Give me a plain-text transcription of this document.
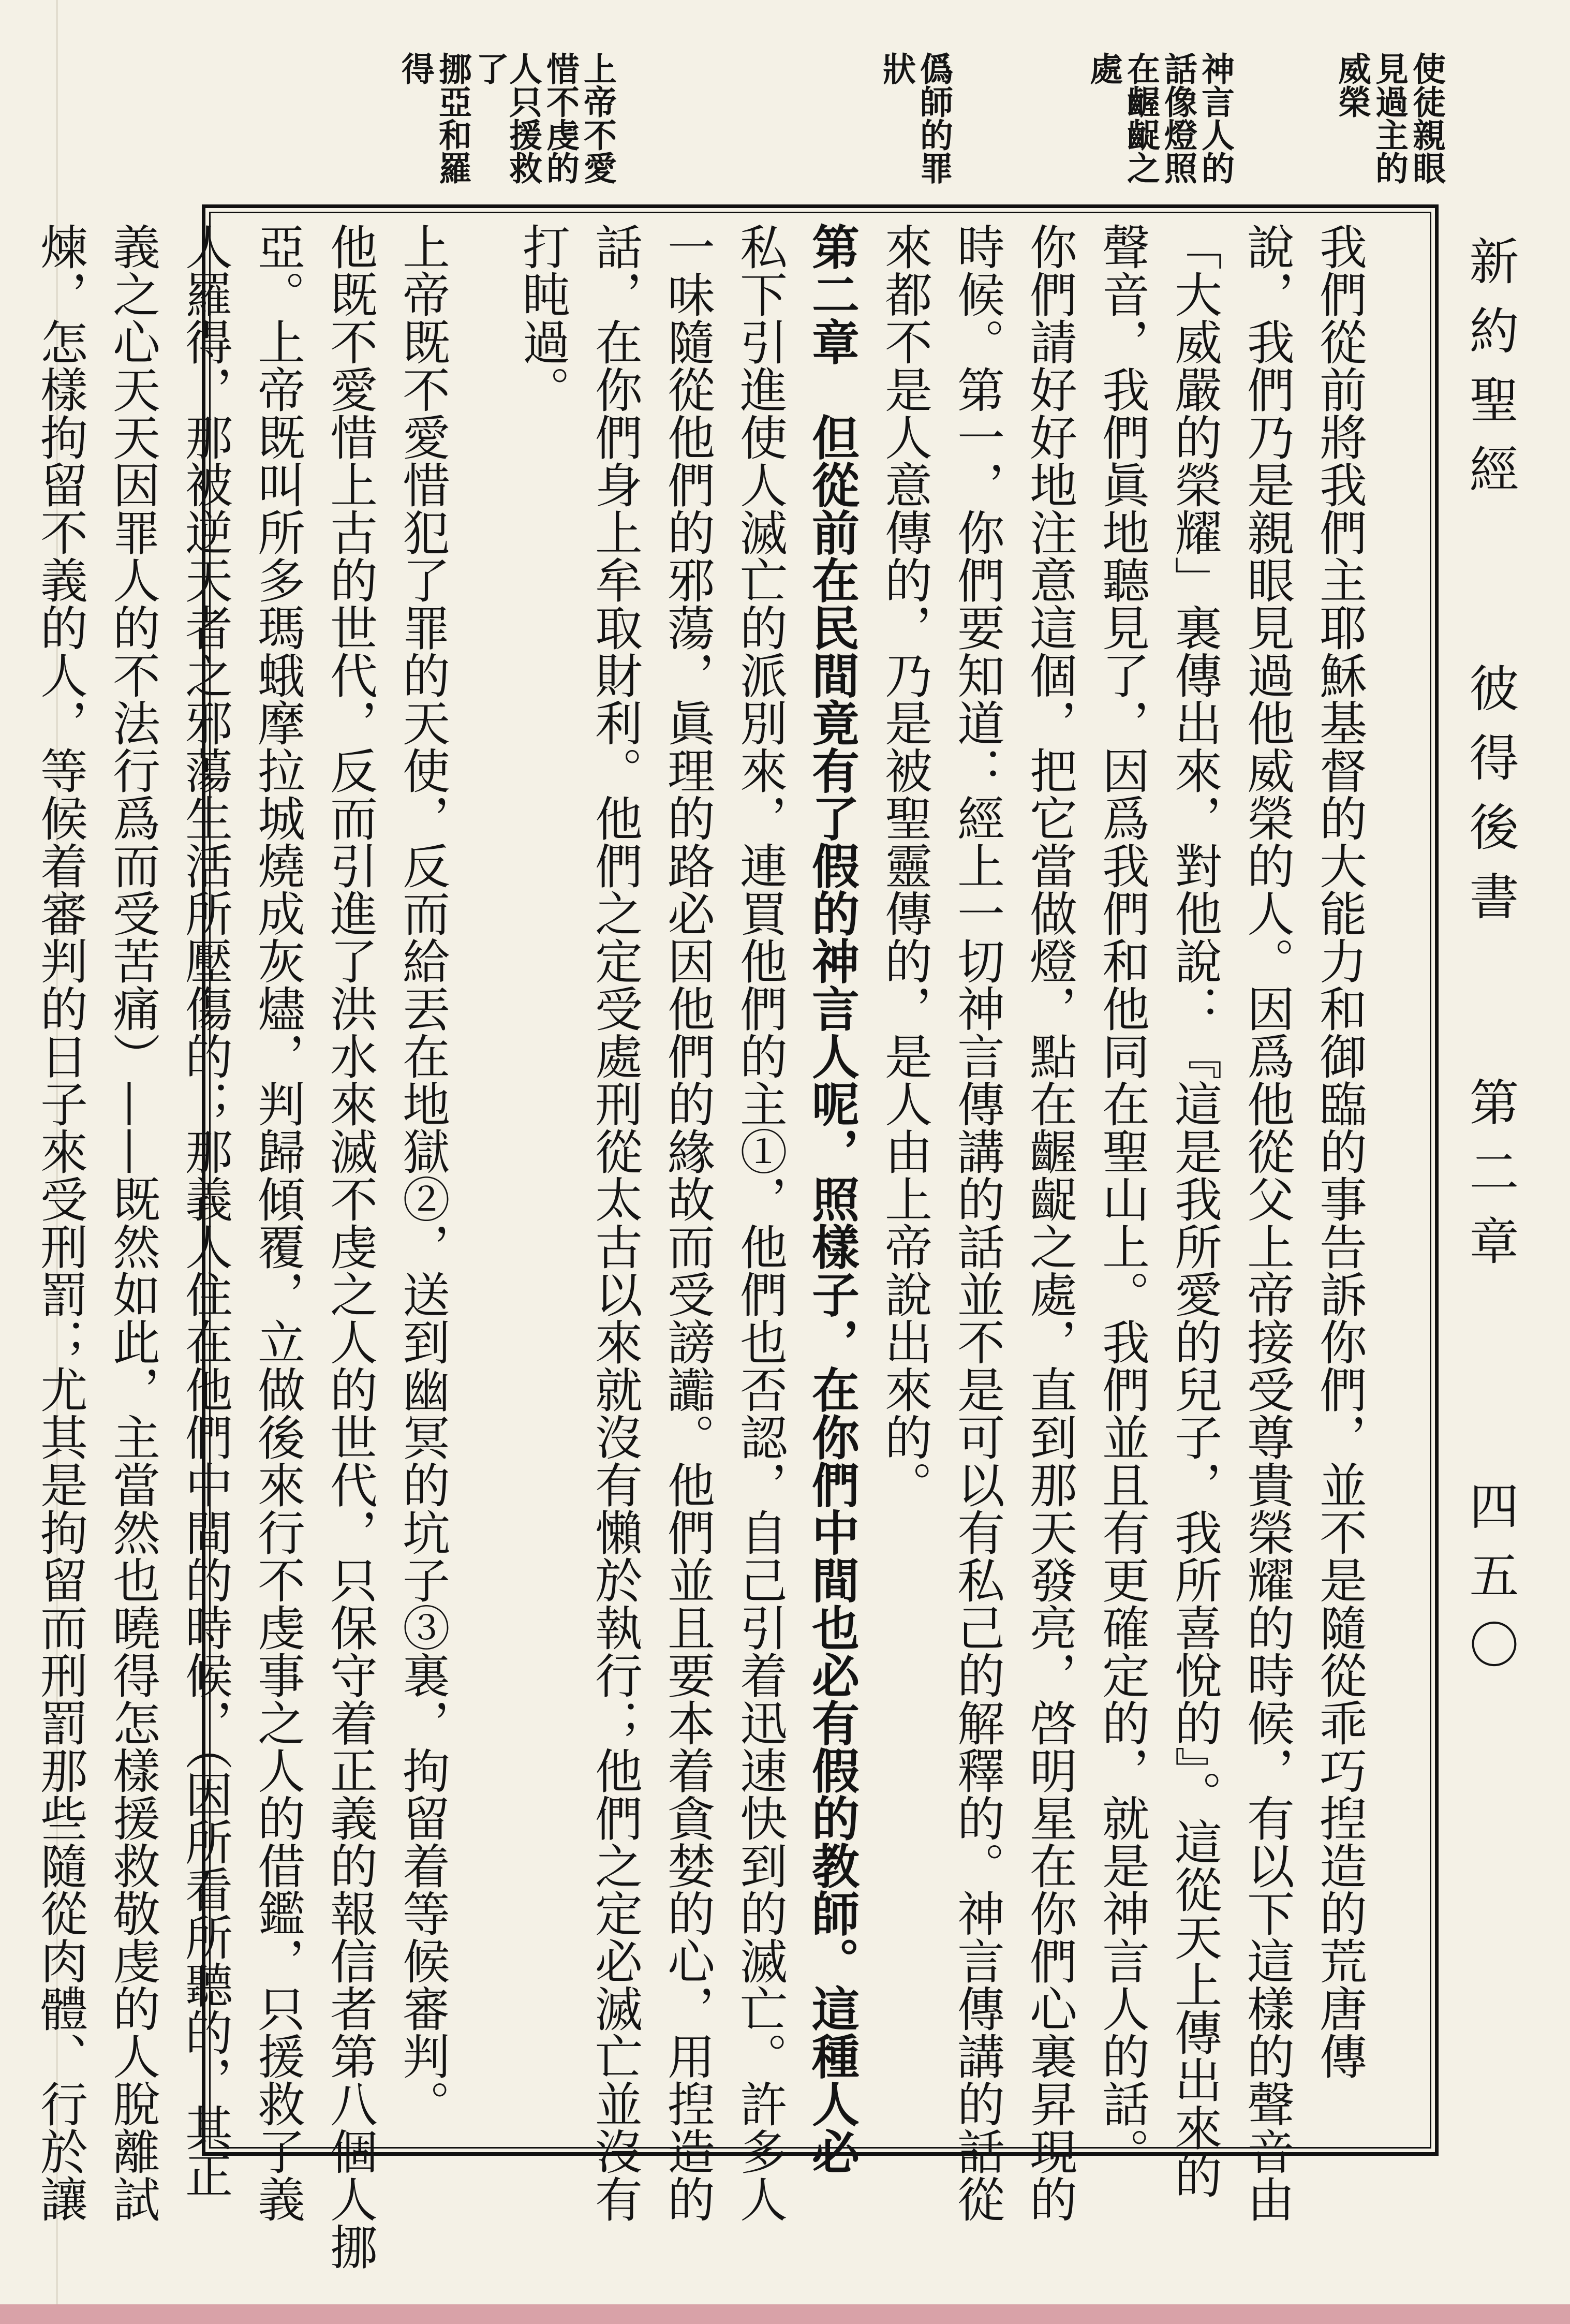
使徒親眼
見過主的
威榮
神言人的
話像燈照
在齷齪之
處
僞師的罪
狀
上帝不愛
惜不虔的
人只援救了
挪亞和羅
得
我們從前將我們主耶穌基督的大能力和御臨的事告訴你們，並不是隨從乖巧揑造的荒唐傳
說，我們乃是親眼見過他威榮的人。因爲他從父上帝接受尊貴榮耀的時候，有以下這樣的聲音由
「大威嚴的榮耀」裏傳出來，對他說：『這是我所愛的兒子，我所喜悅的』。這從天上傳出來的
聲音，我們眞地聽見了，因爲我們和他同在聖山上。我們並且有更確定的，就是神言人的話。
你們請好好地注意這個，把它當做燈，點在齷齪之處，直到那天發亮，啓明星在你們心裏昇現的
時候。第一，你們要知道：經上一切神言傳講的話並不是可以有私己的解釋的。神言傳講的話從
來都不是人意傳的，乃是被聖靈傳的，是人由上帝說出來的。
第二章　但從前在民間竟有了假的神言人呢，照樣子，在你們中間也必有假的教師。這種人必
私下引進使人滅亡的派別來，連買他們的主①，他們也否認，自己引着迅速快到的滅亡。許多人
一味隨從他們的邪蕩，眞理的路必因他們的緣故而受謗讟。他們並且要本着貪婪的心，用揑造的
話，在你們身上牟取財利。他們之定受處刑從太古以來就沒有懶於執行；他們之定必滅亡並沒有
打盹過。
上帝既不愛惜犯了罪的天使，反而給丟在地獄②，送到幽冥的坑子③裏，拘留着等候審判。
他既不愛惜上古的世代，反而引進了洪水來滅不虔之人的世代，只保守着正義的報信者第八個人挪
亞。上帝既叫所多瑪蛾摩拉城燒成灰燼，判歸傾覆，立做後來行不虔事之人的借鑑，只援救了義
人羅得，那被逆天者之邪蕩生活所壓傷的；那義人住在他們中間的時候，（因所看所聽的，其正
義之心天天因罪人的不法行爲而受苦痛）——既然如此，主當然也曉得怎樣援救敬虔的人脫離試
煉，怎樣拘留不義的人，等候着審判的日子來受刑罰；尤其是拘留而刑罰那些隨從肉體、行於讓	新約聖經
彼得後書
第二章
四五〇
